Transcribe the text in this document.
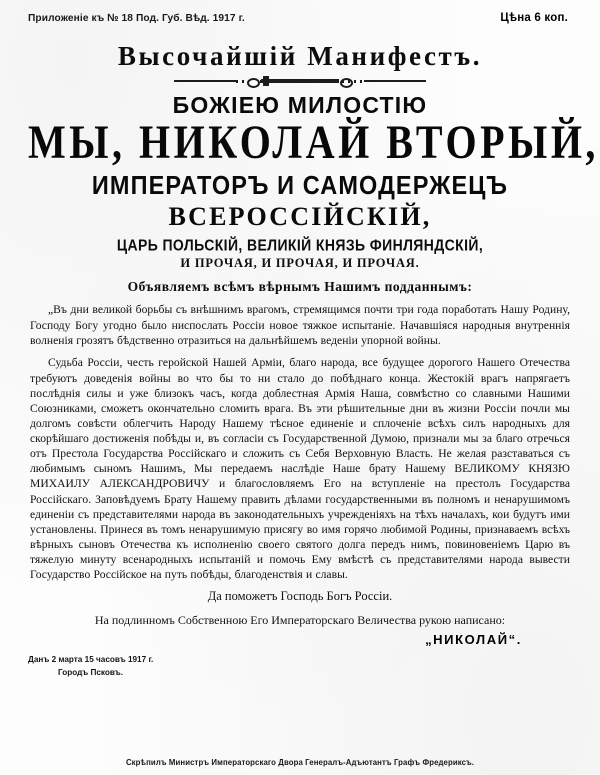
Приложенiе къ № 18 Под. Губ. Вѣд. 1917 г.	Цѣна 6 коп.
Высочайшiй Манифестъ.
БОЖІЕЮ МИЛОСТІЮ
МЫ, НИКОЛАЙ ВТОРЫЙ,
ИМПЕРАТОРЪ И САМОДЕРЖЕЦЪ
ВСЕРОССІЙСКІЙ,
ЦАРЬ ПОЛЬСКІЙ, ВЕЛИКІЙ КНЯЗЬ ФИНЛЯНДСКІЙ,
И ПРОЧАЯ, И ПРОЧАЯ, И ПРОЧАЯ.
Объявляемъ всѣмъ вѣрнымъ Нашимъ подданнымъ:

„Въ дни великой борьбы съ внѣшнимъ врагомъ, стремящимся почти три года поработать Нашу Родину, Господу Богу угодно было ниспослать Россiи новое тяжкое испытанiе. Начавшiяся народныя внутреннiя волненiя грозятъ бѣдственно отразиться на дальнѣйшемъ веденiи упорной войны.

Судьба Россiи, честь геройской Нашей Армiи, благо народа, все будущее дорогого Нашего Отечества требуютъ доведенiя войны во что бы то ни стало до побѣднаго конца. Жестокiй врагъ напрягаетъ послѣднiя силы и уже близокъ часъ, когда доблестная Армiя Наша, совмѣстно со славными Нашими Союзниками, сможетъ окончательно сломить врага. Въ эти рѣшительные дни въ жизни Россiи почли мы долгомъ совѣсти облегчить Народу Нашему тѣсное единенiе и сплоченiе всѣхъ силъ народныхъ для скорѣйшаго достиженiя побѣды и, въ согласiи съ Государственной Думою, признали мы за благо отречься отъ Престола Государства Россiйскаго и сложить съ Себя Верховную Власть. Не желая разставаться съ любимымъ сыномъ Нашимъ, Мы передаемъ наслѣдiе Наше брату Нашему ВЕЛИКОМУ КНЯЗЮ МИХАИЛУ АЛЕКСАНДРОВИЧУ и благословляемъ Его на вступленiе на престолъ Государства Россiйскаго. Заповѣдуемъ Брату Нашему править дѣлами государственными въ полномъ и ненарушимомъ единенiи съ представителями народа въ законодательныхъ учрежденiяхъ на тѣхъ началахъ, кои будутъ ими установлены. Принеся въ томъ ненарушимую присягу во имя горячо любимой Родины, признаваемъ всѣхъ вѣрныхъ сыновъ Отечества къ исполненiю своего святого долга передъ нимъ, повиновенiемъ Царю въ тяжелую минуту всенародныхъ испытанiй и помочь Ему вмѣстѣ съ представителями народа вывести Государство Россiйское на путь побѣды, благоденствiя и славы.

Да поможетъ Господь Богъ Россiи.
На подлинномъ Собственною Его Императорскаго Величества рукою написано:
„НИКОЛАЙ“.
Данъ 2 марта 15 часовъ 1917 г.
Городъ Псковъ.
Скрѣпилъ Министръ Императорскаго Двора Генералъ-Адъютантъ Графъ Фредериксъ.
